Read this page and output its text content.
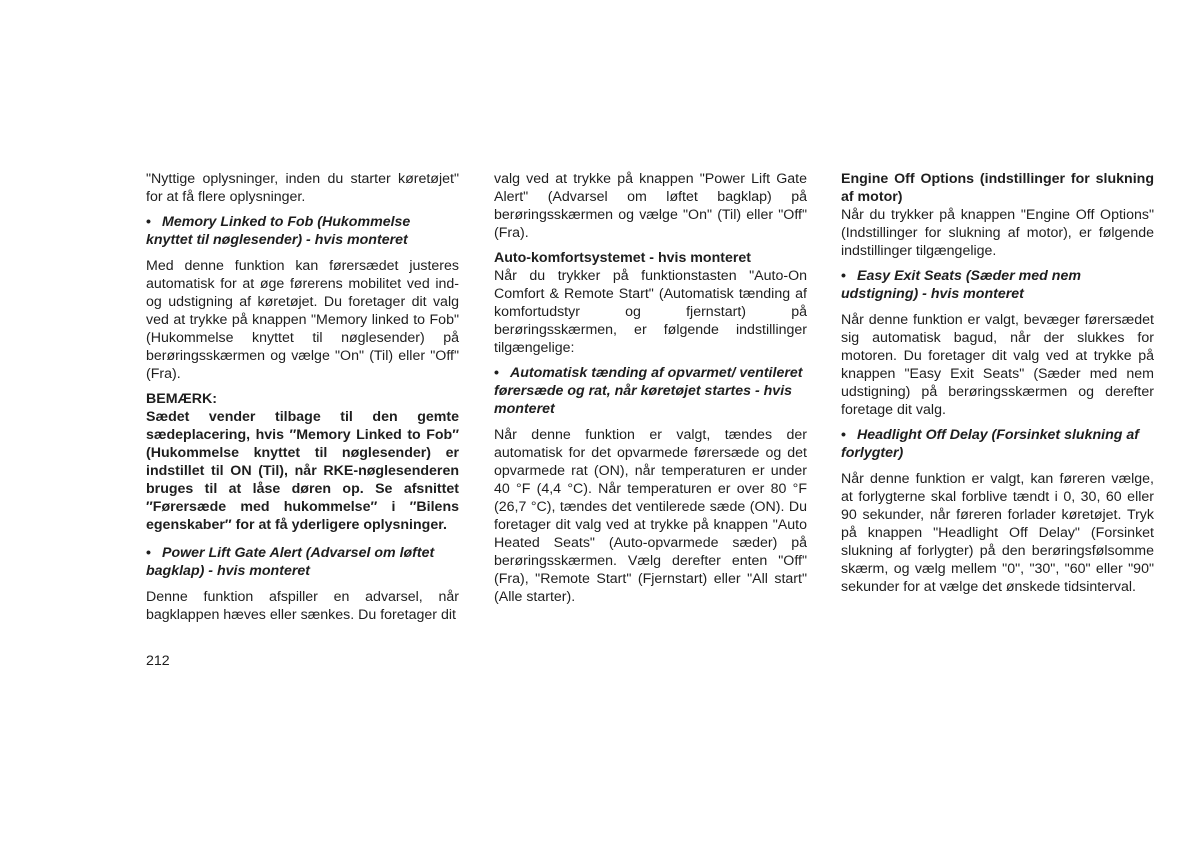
"Nyttige oplysninger, inden du starter køretøjet" for at få flere oplysninger.

• Memory Linked to Fob (Hukommelse knyttet til nøglesender) - hvis monteret

Med denne funktion kan førersædet justeres automatisk for at øge førerens mobilitet ved ind- og udstigning af køretøjet. Du foretager dit valg ved at trykke på knappen "Memory linked to Fob" (Hukommelse knyttet til nøglesender) på berøringsskærmen og vælge "On" (Til) eller "Off" (Fra).

BEMÆRK:

Sædet vender tilbage til den gemte sædeplacering, hvis ″Memory Linked to Fob″ (Hukommelse knyttet til nøglesender) er indstillet til ON (Til), når RKE-nøglesenderen bruges til at låse døren op. Se afsnittet ″Førersæde med hukommelse″ i ″Bilens egenskaber″ for at få yderligere oplysninger.

• Power Lift Gate Alert (Advarsel om løftet bagklap) - hvis monteret

Denne funktion afspiller en advarsel, når bagklappen hæves eller sænkes. Du foretager dit

212

valg ved at trykke på knappen "Power Lift Gate Alert" (Advarsel om løftet bagklap) på berøringsskærmen og vælge "On" (Til) eller "Off" (Fra).

Auto-komfortsystemet - hvis monteret

Når du trykker på funktionstasten "Auto-On Comfort & Remote Start" (Automatisk tænding af komfortudstyr og fjernstart) på berøringsskærmen, er følgende indstillinger tilgængelige:

• Automatisk tænding af opvarmet/ ventileret førersæde og rat, når køretøjet startes - hvis monteret

Når denne funktion er valgt, tændes der automatisk for det opvarmede førersæde og det opvarmede rat (ON), når temperaturen er under 40 °F (4,4 °C). Når temperaturen er over 80 °F (26,7 °C), tændes det ventilerede sæde (ON). Du foretager dit valg ved at trykke på knappen "Auto Heated Seats" (Auto-opvarmede sæder) på berøringsskærmen. Vælg derefter enten "Off" (Fra), "Remote Start" (Fjernstart) eller "All start" (Alle starter).

Engine Off Options (indstillinger for slukning af motor)

Når du trykker på knappen "Engine Off Options" (Indstillinger for slukning af motor), er følgende indstillinger tilgængelige.

• Easy Exit Seats (Sæder med nem udstigning) - hvis monteret

Når denne funktion er valgt, bevæger førersædet sig automatisk bagud, når der slukkes for motoren. Du foretager dit valg ved at trykke på knappen "Easy Exit Seats" (Sæder med nem udstigning) på berøringsskærmen og derefter foretage dit valg.

• Headlight Off Delay (Forsinket slukning af forlygter)

Når denne funktion er valgt, kan føreren vælge, at forlygterne skal forblive tændt i 0, 30, 60 eller 90 sekunder, når føreren forlader køretøjet. Tryk på knappen "Headlight Off Delay" (Forsinket slukning af forlygter) på den berøringsfølsomme skærm, og vælg mellem "0", "30", "60" eller "90" sekunder for at vælge det ønskede tidsinterval.
